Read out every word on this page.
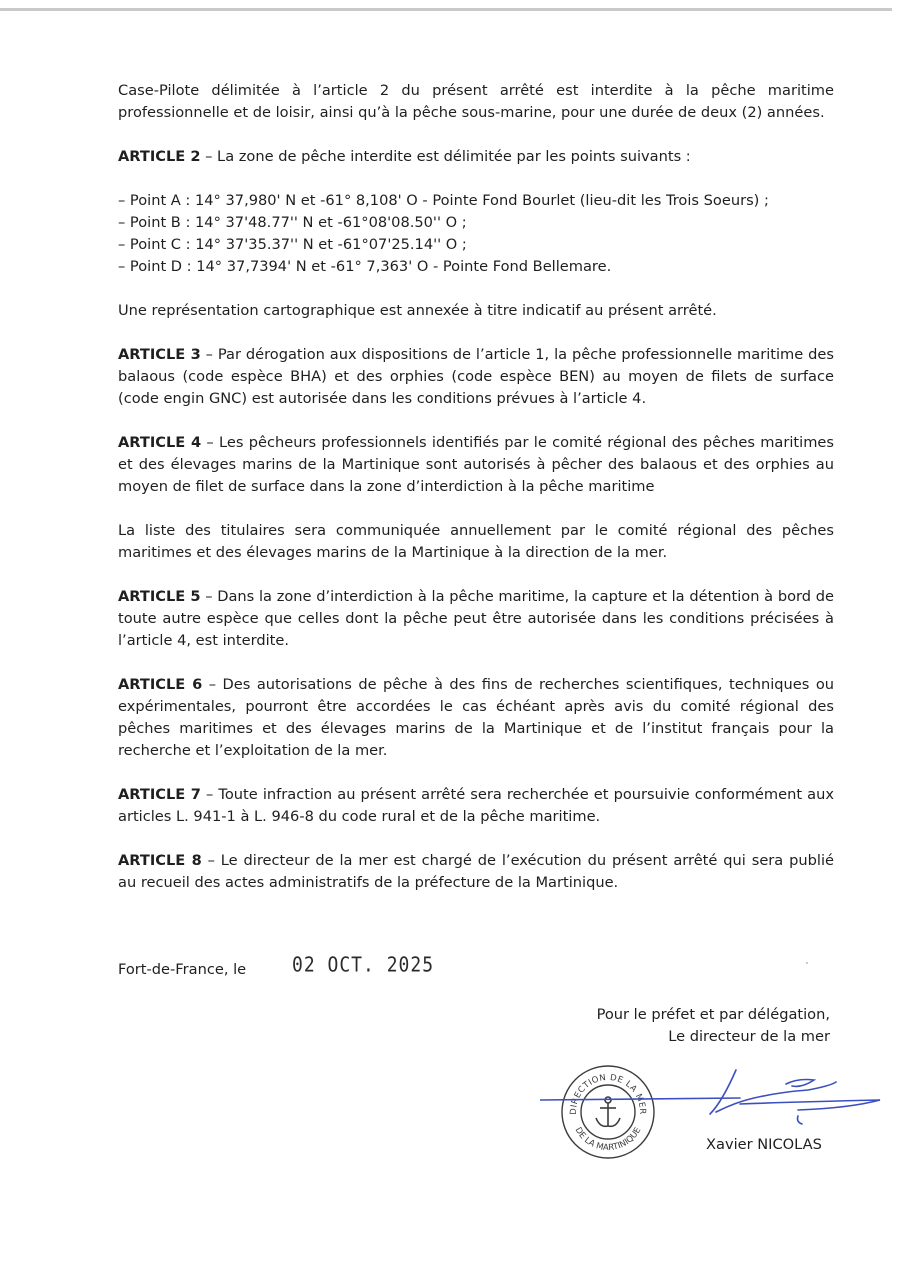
Case-Pilote délimitée à l’article 2 du présent arrêté est interdite à la pêche maritime professionnelle et de loisir, ainsi qu’à la pêche sous-marine, pour une durée de deux (2) années.

ARTICLE 2 – La zone de pêche interdite est délimitée par les points suivants :

– Point A : 14° 37,980' N et -61° 8,108' O - Pointe Fond Bourlet (lieu-dit les Trois Soeurs) ;

– Point B : 14° 37'48.77'' N et -61°08'08.50'' O ;

– Point C : 14° 37'35.37'' N et -61°07'25.14'' O ;

– Point D : 14° 37,7394' N et -61° 7,363' O - Pointe Fond Bellemare.

Une représentation cartographique est annexée à titre indicatif au présent arrêté.

ARTICLE 3 – Par dérogation aux dispositions de l’article 1, la pêche professionnelle maritime des balaous (code espèce BHA) et des orphies (code espèce BEN) au moyen de filets de surface (code engin GNC) est autorisée dans les conditions prévues à l’article 4.

ARTICLE 4 – Les pêcheurs professionnels identifiés par le comité régional des pêches maritimes et des élevages marins de la Martinique sont autorisés à pêcher des balaous et des orphies au moyen de filet de surface dans la zone d’interdiction à la pêche maritime

La liste des titulaires sera communiquée annuellement par le comité régional des pêches maritimes et des élevages marins de la Martinique à la direction de la mer.

ARTICLE 5 – Dans la zone d’interdiction à la pêche maritime, la capture et la détention à bord de toute autre espèce que celles dont la pêche peut être autorisée dans les conditions précisées à l’article 4, est interdite.

ARTICLE 6 – Des autorisations de pêche à des fins de recherches scientifiques, techniques ou expérimentales, pourront être accordées le cas échéant après avis du comité régional des pêches maritimes et des élevages marins de la Martinique et de l’institut français pour la recherche et l’exploitation de la mer.

ARTICLE 7 – Toute infraction au présent arrêté sera recherchée et poursuivie conformément aux articles L. 941-1 à L. 946-8 du code rural et de la pêche maritime.

ARTICLE 8 – Le directeur de la mer est chargé de l’exécution du présent arrêté qui sera publié au recueil des actes administratifs de la préfecture de la Martinique.

Fort-de-France, le	02 OCT. 2025

Pour le préfet et par délégation,

Le directeur de la mer

DIRECTION DE LA MER
DE LA MARTINIQUE
Xavier NICOLAS
